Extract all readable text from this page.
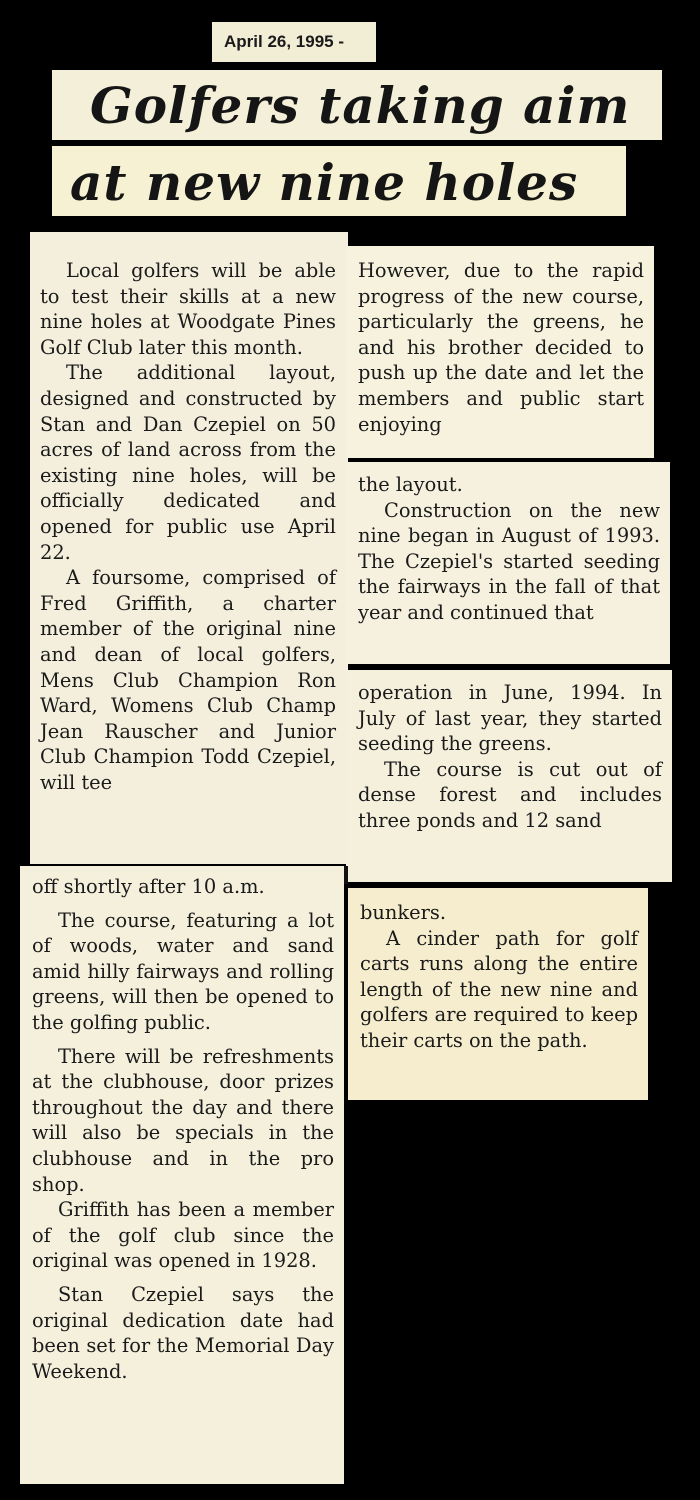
April 26, 1995 -
Golfers taking aim
at new nine holes

Local golfers will be able to test their skills at a new nine holes at Woodgate Pines Golf Club later this month.

The additional layout, designed and constructed by Stan and Dan Czepiel on 50 acres of land across from the existing nine holes, will be officially dedicated and opened for public use April 22.

A foursome, comprised of Fred Griffith, a charter member of the original nine and dean of local golfers, Mens Club Champion Ron Ward, Womens Club Champ Jean Rauscher and Junior Club Champion Todd Czepiel, will tee

However, due to the rapid progress of the new course, particularly the greens, he and his brother decided to push up the date and let the members and public start enjoying

the layout.

Construction on the new nine began in August of 1993. The Czepiel's started seeding the fairways in the fall of that year and continued that

operation in June, 1994. In July of last year, they started seeding the greens.

The course is cut out of dense forest and includes three ponds and 12 sand

off shortly after 10 a.m.

The course, featuring a lot of woods, water and sand amid hilly fairways and rolling greens, will then be opened to the golfing public.

There will be refreshments at the clubhouse, door prizes throughout the day and there will also be specials in the clubhouse and in the pro shop.

Griffith has been a member of the golf club since the original was opened in 1928.

Stan Czepiel says the original dedication date had been set for the Memorial Day Weekend.

bunkers.

A cinder path for golf carts runs along the entire length of the new nine and golfers are required to keep their carts on the path.
